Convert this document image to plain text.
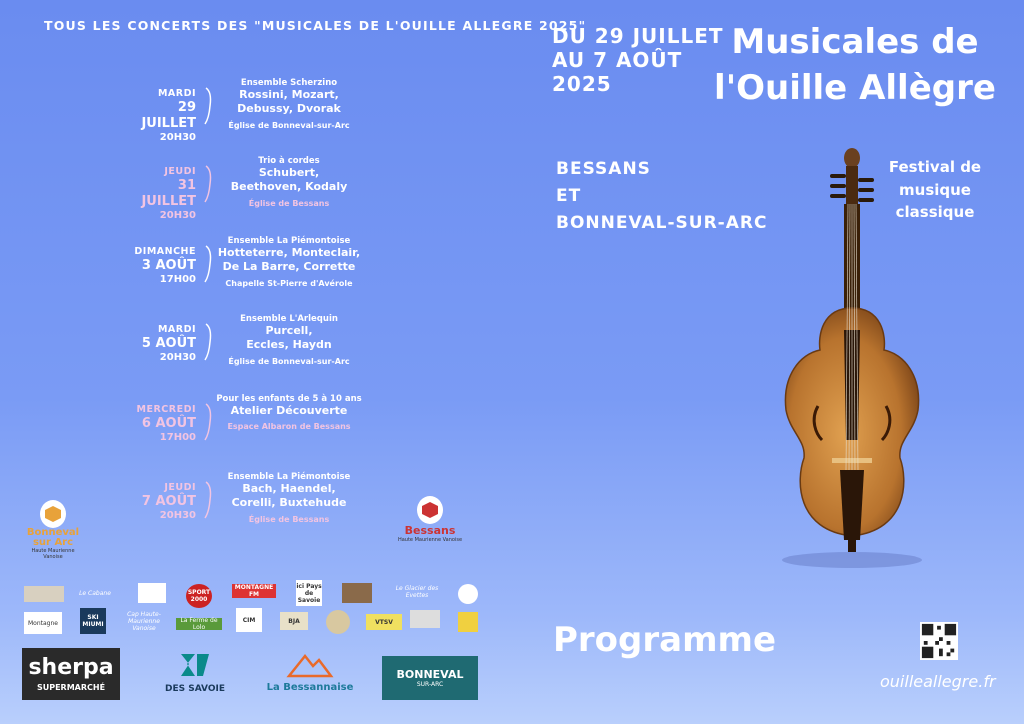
TOUS LES CONCERTS DES "MUSICALES DE L'OUILLE ALLEGRE 2025"
MARDI
29 JUILLET
20H30
Ensemble Scherzino
Rossini, Mozart,
Debussy, Dvorak
Église de Bonneval-sur-Arc
JEUDI
31 JUILLET
20H30
Trio à cordes
Schubert,
Beethoven, Kodaly
Église de Bessans
DIMANCHE
3 AOÛT
17H00
Ensemble La Piémontoise
Hotteterre, Monteclair,
De La Barre, Corrette
Chapelle St-Pierre d'Avérole
MARDI
5 AOÛT
20H30
Ensemble L'Arlequin
Purcell,
Eccles, Haydn
Église de Bonneval-sur-Arc
MERCREDI
6 AOÛT
17H00
Pour les enfants de 5 à 10 ans
Atelier Découverte
Espace Albaron de Bessans
JEUDI
7 AOÛT
20H30
Ensemble La Piémontoise
Bach, Haendel,
Corelli, Buxtehude
Église de Bessans
Bonneval
sur Arc
Haute Maurienne Vanoise
Bessans
Haute Maurienne Vanoise
Le Cabane	SPORT 2000
MONTAGNE FM
ici Pays de Savoie
Le Glacier des Evettes
Montagne
SKI MIUMI
Cap Haute-Maurienne Vanoise
La Ferme de Lolo
CIM	BJA	VTSV
sherpa
SUPERMARCHÉ	DES SAVOIE	La Bessannaise
BONNEVAL
SUR-ARC
DU 29 JUILLET
AU 7 AOÛT
2025
Musicales de
l'Ouille Allègre
BESSANS
ET
BONNEVAL-SUR-ARC
Festival de
musique
classique
Programme
ouilleallegre.fr
